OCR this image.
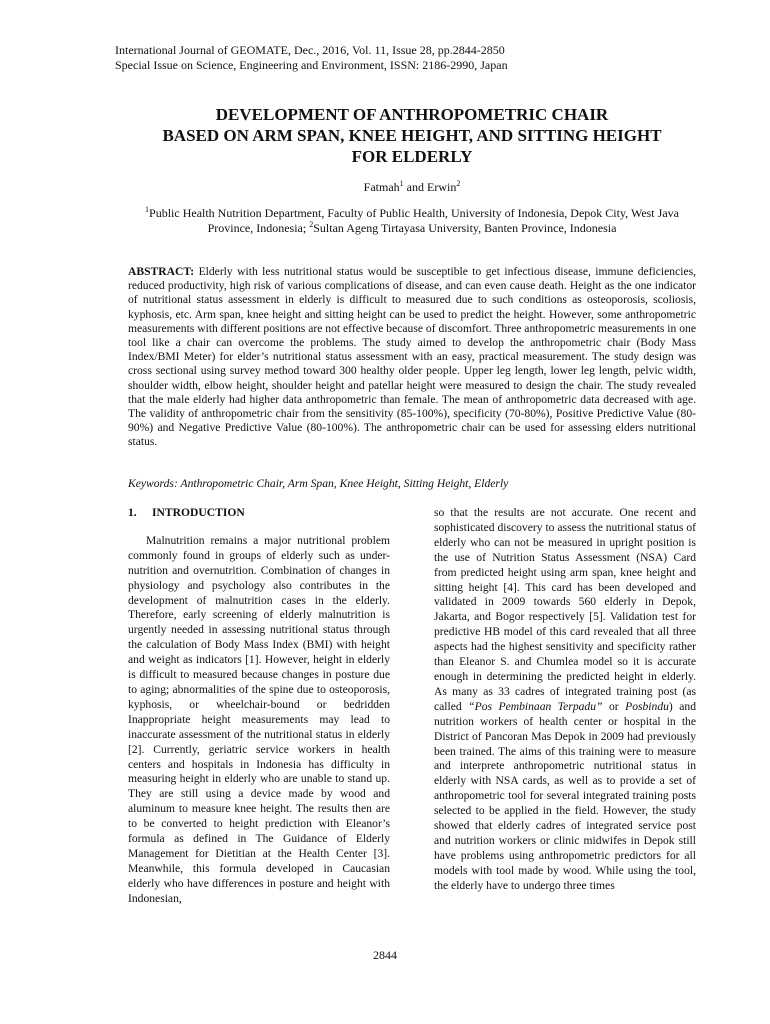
International Journal of GEOMATE, Dec., 2016, Vol. 11, Issue 28, pp.2844-2850
Special Issue on Science, Engineering and Environment, ISSN: 2186-2990, Japan
DEVELOPMENT OF ANTHROPOMETRIC CHAIR
BASED ON ARM SPAN, KNEE HEIGHT, AND SITTING HEIGHT
FOR ELDERLY
Fatmah$^1$ and Erwin$^2$
$^1$Public Health Nutrition Department, Faculty of Public Health, University of Indonesia, Depok City, West Java Province, Indonesia; $^2$Sultan Ageng Tirtayasa University, Banten Province, Indonesia
ABSTRACT: Elderly with less nutritional status would be susceptible to get infectious disease, immune deficiencies, reduced productivity, high risk of various complications of disease, and can even cause death. Height as the one indicator of nutritional status assessment in elderly is difficult to measured due to such conditions as osteoporosis, scoliosis, kyphosis, etc. Arm span, knee height and sitting height can be used to predict the height. However, some anthropometric measurements with different positions are not effective because of discomfort. Three anthropometric measurements in one tool like a chair can overcome the problems. The study aimed to develop the anthropometric chair (Body Mass Index/BMI Meter) for elder’s nutritional status assessment with an easy, practical measurement. The study design was cross sectional using survey method toward 300 healthy older people. Upper leg length, lower leg length, pelvic width, shoulder width, elbow height, shoulder height and patellar height were measured to design the chair. The study revealed that the male elderly had higher data anthropometric than female. The mean of anthropometric data decreased with age. The validity of anthropometric chair from the sensitivity (85-100%), specificity (70-80%), Positive Predictive Value (80-90%) and Negative Predictive Value (80-100%). The anthropometric chair can be used for assessing elders nutritional status.
Keywords: Anthropometric Chair, Arm Span, Knee Height, Sitting Height, Elderly
1. INTRODUCTION

Malnutrition remains a major nutritional problem commonly found in groups of elderly such as under-nutrition and overnutrition. Combination of changes in physiology and psychology also contributes in the development of malnutrition cases in the elderly. Therefore, early screening of elderly malnutrition is urgently needed in assessing nutritional status through the calculation of Body Mass Index (BMI) with height and weight as indicators [1]. However, height in elderly is difficult to measured because changes in posture due to aging; abnormalities of the spine due to osteoporosis, kyphosis, or wheelchair-bound or bedridden Inappropriate height measurements may lead to inaccurate assessment of the nutritional status in elderly [2]. Currently, geriatric service workers in health centers and hospitals in Indonesia has difficulty in measuring height in elderly who are unable to stand up. They are still using a device made by wood and aluminum to measure knee height. The results then are to be converted to height prediction with Eleanor’s formula as defined in The Guidance of Elderly Management for Dietitian at the Health Center [3]. Meanwhile, this formula developed in Caucasian elderly who have differences in posture and height with Indonesian,

so that the results are not accurate. One recent and sophisticated discovery to assess the nutritional status of elderly who can not be measured in upright position is the use of Nutrition Status Assessment (NSA) Card from predicted height using arm span, knee height and sitting height [4]. This card has been developed and validated in 2009 towards 560 elderly in Depok, Jakarta, and Bogor respectively [5]. Validation test for predictive HB model of this card revealed that all three aspects had the highest sensitivity and specificity rather than Eleanor S. and Chumlea model so it is accurate enough in determining the predicted height in elderly. As many as 33 cadres of integrated training post (as called “Pos Pembinaan Terpadu” or Posbindu) and nutrition workers of health center or hospital in the District of Pancoran Mas Depok in 2009 had previously been trained. The aims of this training were to measure and interprete anthropometric nutritional status in elderly with NSA cards, as well as to provide a set of anthropometric tool for several integrated training posts selected to be applied in the field. However, the study showed that elderly cadres of integrated service post and nutrition workers or clinic midwifes in Depok still have problems using anthropometric predictors for all models with tool made by wood. While using the tool, the elderly have to undergo three times

2844
